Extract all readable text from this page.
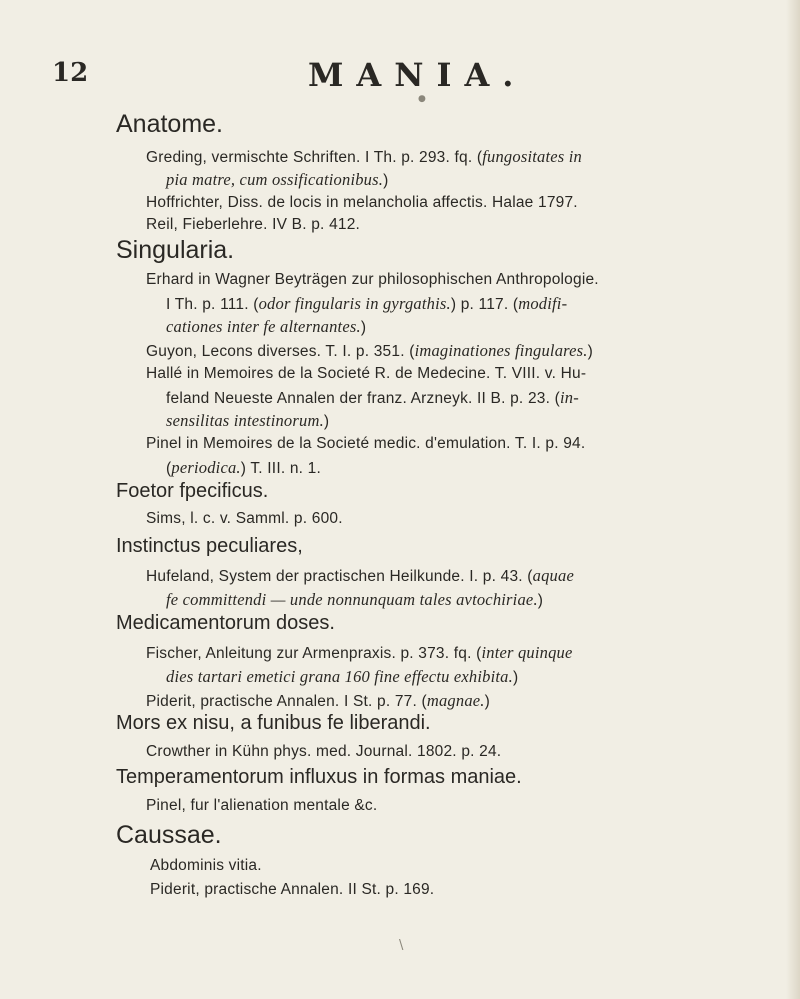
12	MANIA.
●
Anatome.
Greding, vermischte Schriften. I Th. p. 293. fq. (fungositates in
pia matre, cum ossificationibus.)
Hoffrichter, Diss. de locis in melancholia affectis. Halae 1797.
Reil, Fieberlehre. IV B. p. 412.
Singularia.
Erhard in Wagner Beyträgen zur philosophischen Anthropologie.
I Th. p. 111. (odor fingularis in gyrgathis.) p. 117. (modifi-
cationes inter fe alternantes.)
Guyon, Lecons diverses. T. I. p. 351. (imaginationes fingulares.)
Hallé in Memoires de la Societé R. de Medecine. T. VIII. v. Hu-
feland Neueste Annalen der franz. Arzneyk. II B. p. 23. (in-
sensilitas intestinorum.)
Pinel in Memoires de la Societé medic. d'emulation. T. I. p. 94.
(periodica.) T. III. n. 1.
Foetor fpecificus.
Sims, l. c. v. Samml. p. 600.
Instinctus peculiares,
Hufeland, System der practischen Heilkunde. I. p. 43. (aquae
fe committendi — unde nonnunquam tales avtochiriae.)
Medicamentorum doses.
Fischer, Anleitung zur Armenpraxis. p. 373. fq. (inter quinque
dies tartari emetici grana 160 fine effectu exhibita.)
Piderit, practische Annalen. I St. p. 77. (magnae.)
Mors ex nisu, a funibus fe liberandi.
Crowther in Kühn phys. med. Journal. 1802. p. 24.
Temperamentorum influxus in formas maniae.
Pinel, fur l'alienation mentale &c.
Caussae.
Abdominis vitia.
Piderit, practische Annalen. II St. p. 169.
\
